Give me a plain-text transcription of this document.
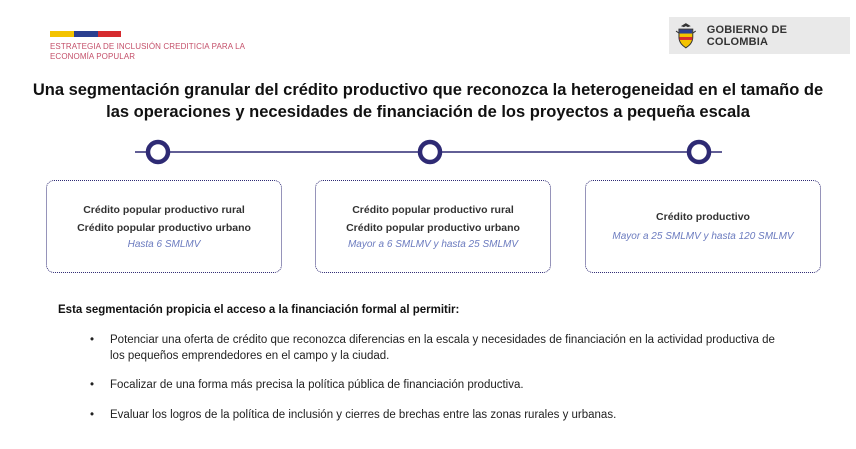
ESTRATEGIA DE INCLUSIÓN CREDITICIA PARA LA ECONOMÍA POPULAR
GOBIERNO DE COLOMBIA
Una segmentación granular del crédito productivo que reconozca la heterogeneidad en el tamaño de las operaciones y necesidades de financiación de los proyectos a pequeña escala
Crédito popular productivo rural
Crédito popular productivo urbano
Hasta 6 SMLMV
Crédito popular productivo rural
Crédito popular productivo urbano
Mayor a 6 SMLMV y hasta 25 SMLMV
Crédito productivo
Mayor a 25 SMLMV y hasta 120 SMLMV
Esta segmentación propicia el acceso a la financiación formal al permitir:
• Potenciar una oferta de crédito que reconozca diferencias en la escala y necesidades de financiación en la actividad productiva de los pequeños emprendedores en el campo y la ciudad.
• Focalizar de una forma más precisa la política pública de financiación productiva.
• Evaluar los logros de la política de inclusión y cierres de brechas entre las zonas rurales y urbanas.
